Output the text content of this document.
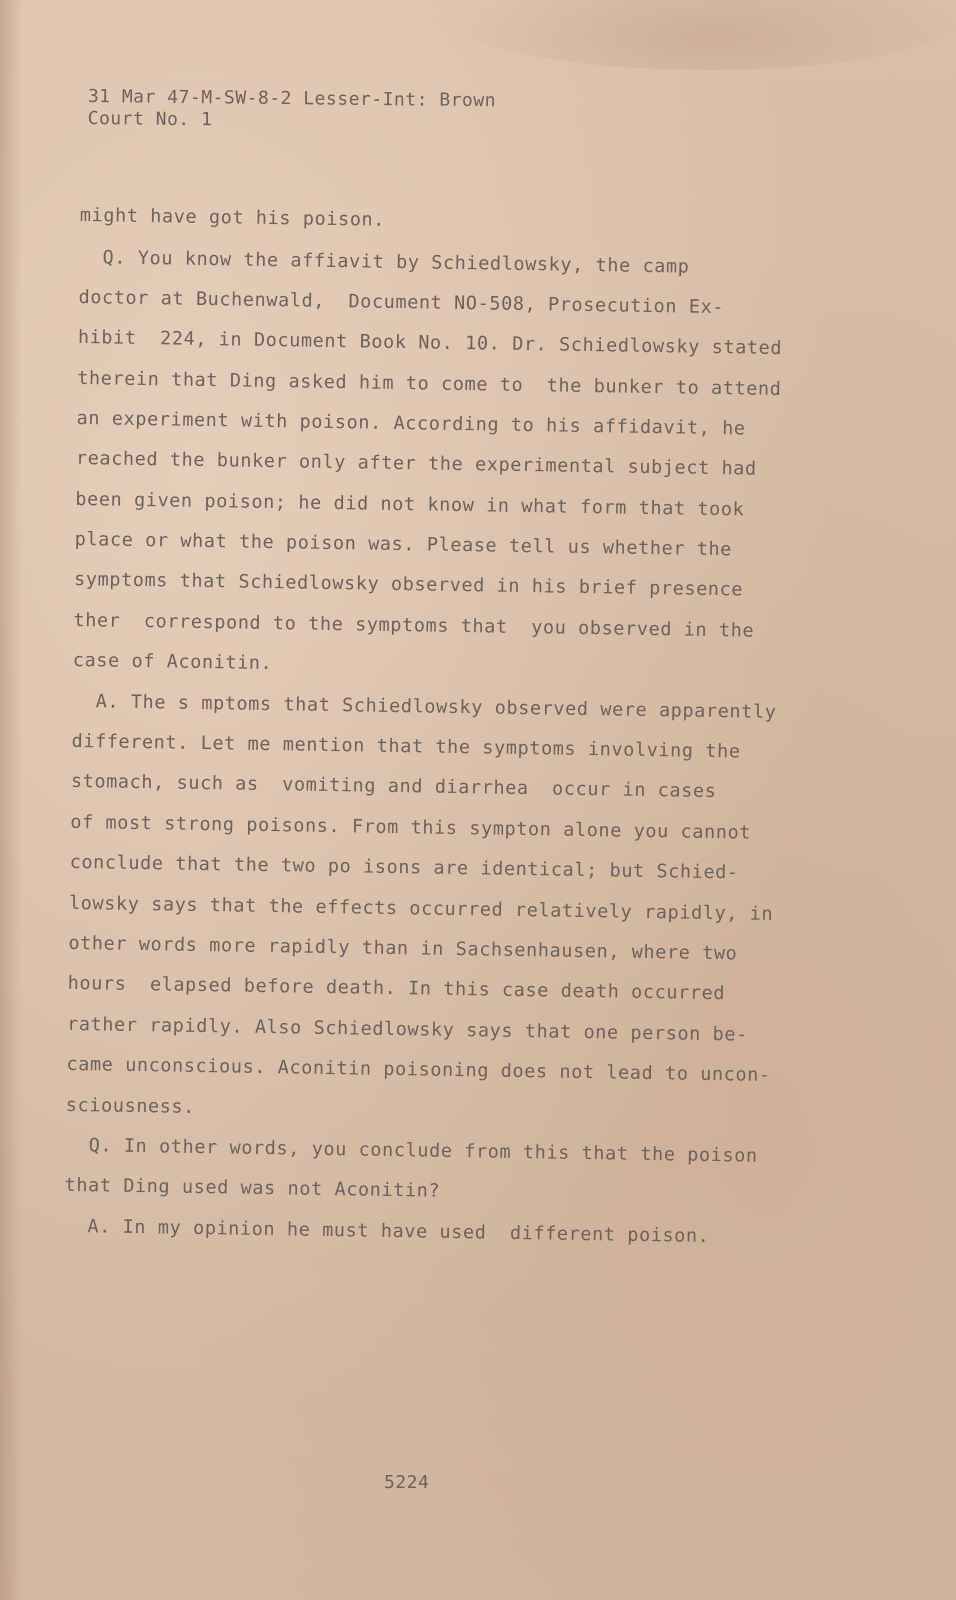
31 Mar 47-M-SW-8-2 Lesser-Int: Brown
Court No. 1
might have got his poison.
Q. You know the affiavit by Schiedlowsky, the camp
doctor at Buchenwald,  Document NO-508, Prosecution Ex-
hibit  224, in Document Book No. 10. Dr. Schiedlowsky stated
therein that Ding asked him to come to  the bunker to attend
an experiment with poison. According to his affidavit, he
reached the bunker only after the experimental subject had
been given poison; he did not know in what form that took
place or what the poison was. Please tell us whether the
symptoms that Schiedlowsky observed in his brief presence
ther  correspond to the symptoms that  you observed in the
case of Aconitin.
A. The s mptoms that Schiedlowsky observed were apparently
different. Let me mention that the symptoms involving the
stomach, such as  vomiting and diarrhea  occur in cases
of most strong poisons. From this sympton alone you cannot
conclude that the two po isons are identical; but Schied-
lowsky says that the effects occurred relatively rapidly, in
other words more rapidly than in Sachsenhausen, where two
hours  elapsed before death. In this case death occurred
rather rapidly. Also Schiedlowsky says that one person be-
came unconscious. Aconitin poisoning does not lead to uncon-
sciousness.
Q. In other words, you conclude from this that the poison
that Ding used was not Aconitin?
A. In my opinion he must have used  different poison.
5224
